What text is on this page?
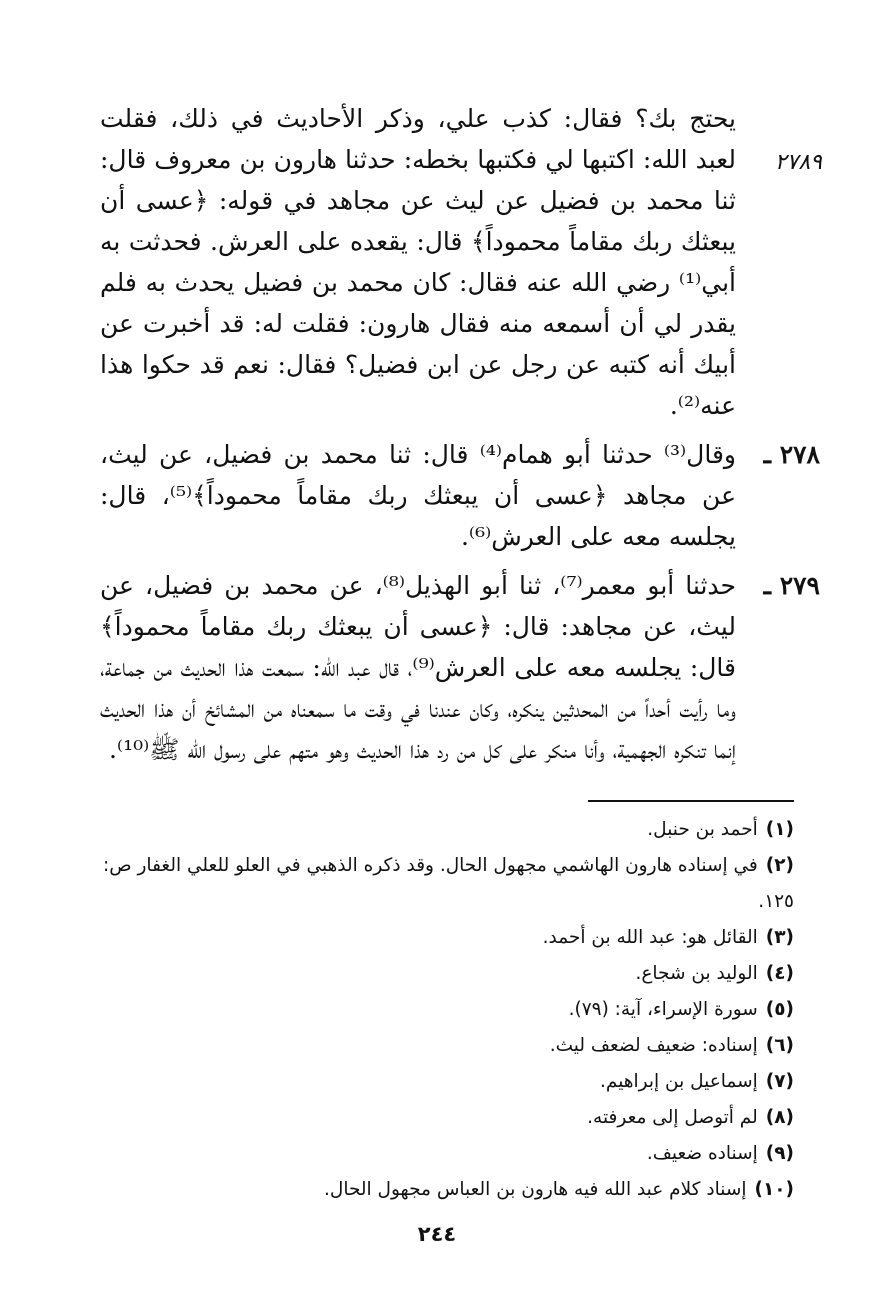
٢٧٨٩

يحتج بك؟ فقال: كذب علي، وذكر الأحاديث في ذلك، فقلت لعبد الله: اكتبها لي فكتبها بخطه: حدثنا هارون بن معروف قال: ثنا محمد بن فضيل عن ليث عن مجاهد في قوله: ﴿عسى أن يبعثك ربك مقاماً محموداً﴾ قال: يقعده على العرش. فحدثت به أبي⁽¹⁾ رضي الله عنه فقال: كان محمد بن فضيل يحدث به فلم يقدر لي أن أسمعه منه فقال هارون: فقلت له: قد أخبرت عن أبيك أنه كتبه عن رجل عن ابن فضيل؟ فقال: نعم قد حكوا هذا عنه⁽²⁾.

٢٧٨ ـ
وقال⁽³⁾ حدثنا أبو همام⁽⁴⁾ قال: ثنا محمد بن فضيل، عن ليث، عن مجاهد ﴿عسى أن يبعثك ربك مقاماً محموداً﴾⁽⁵⁾، قال: يجلسه معه على العرش⁽⁶⁾.

٢٧٩ ـ
حدثنا أبو معمر⁽⁷⁾، ثنا أبو الهذيل⁽⁸⁾، عن محمد بن فضيل، عن ليث، عن مجاهد: قال: ﴿عسى أن يبعثك ربك مقاماً محموداً﴾ قال: يجلسه معه على العرش⁽⁹⁾، قال عبد الله: سمعت هذا الحديث من جماعة، وما رأيت أحداً من المحدثين ينكره، وكان عندنا في وقت ما سمعناه من المشائخ أن هذا الحديث إنما تنكره الجهمية، وأنا منكر على كل من رد هذا الحديث وهو متهم على رسول الله ﷺ⁽¹⁰⁾.

(١)أحمد بن حنبل.

(٢)في إسناده هارون الهاشمي مجهول الحال. وقد ذكره الذهبي في العلو للعلي الغفار ص: ١٢٥.

(٣)القائل هو: عبد الله بن أحمد.

(٤)الوليد بن شجاع.

(٥)سورة الإسراء، آية: (٧٩).

(٦)إسناده: ضعيف لضعف ليث.

(٧)إسماعيل بن إبراهيم.

(٨)لم أتوصل إلى معرفته.

(٩)إسناده ضعيف.

(١٠)إسناد كلام عبد الله فيه هارون بن العباس مجهول الحال.

٢٤٤
